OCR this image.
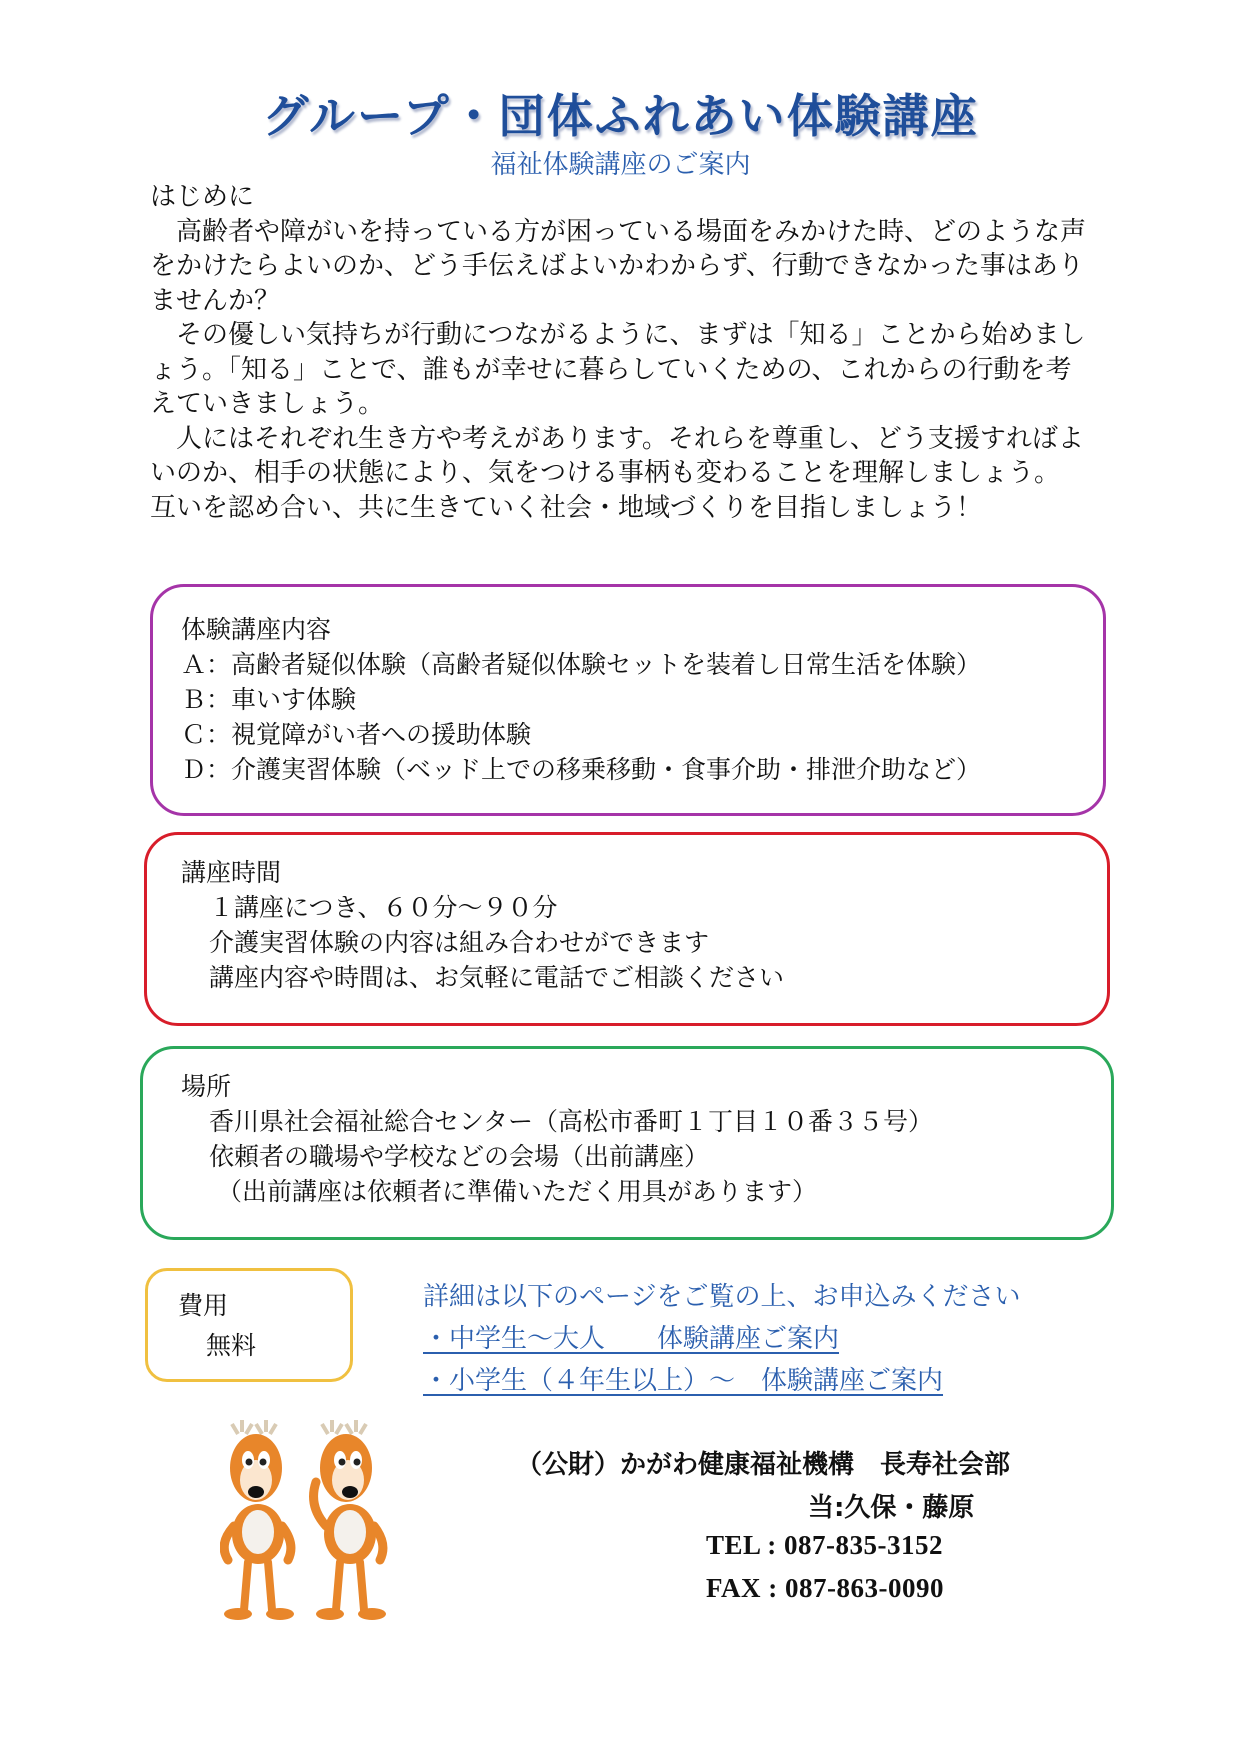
グループ・団体ふれあい体験講座
福祉体験講座のご案内

はじめに

高齢者や障がいを持っている方が困っている場面をみかけた時、どのような声をかけたらよいのか、どう手伝えばよいかわからず、行動できなかった事はありませんか？

その優しい気持ちが行動につながるように、まずは「知る」ことから始めましょう。「知る」ことで、誰もが幸せに暮らしていくための、これからの行動を考えていきましょう。

人にはそれぞれ生き方や考えがあります。それらを尊重し、どう支援すればよいのか、相手の状態により、気をつける事柄も変わることを理解しましょう。

互いを認め合い、共に生きていく社会・地域づくりを目指しましょう！

体験講座内容
Ａ：高齢者疑似体験（高齢者疑似体験セットを装着し日常生活を体験）
Ｂ：車いす体験
Ｃ：視覚障がい者への援助体験
Ｄ：介護実習体験（ベッド上での移乗移動・食事介助・排泄介助など）
講座時間
１講座につき、６０分～９０分
介護実習体験の内容は組み合わせができます
講座内容や時間は、お気軽に電話でご相談ください
場所
香川県社会福祉総合センター（高松市番町１丁目１０番３５号）
依頼者の職場や学校などの会場（出前講座）
（出前講座は依頼者に準備いただく用具があります）
費用
無料
詳細は以下のページをご覧の上、お申込みください
・中学生～大人　　体験講座ご案内
・小学生（４年生以上）～　体験講座ご案内
（公財）かがわ健康福祉機構　長寿社会部
当:久保・藤原
TEL : 087-835-3152
FAX : 087-863-0090
